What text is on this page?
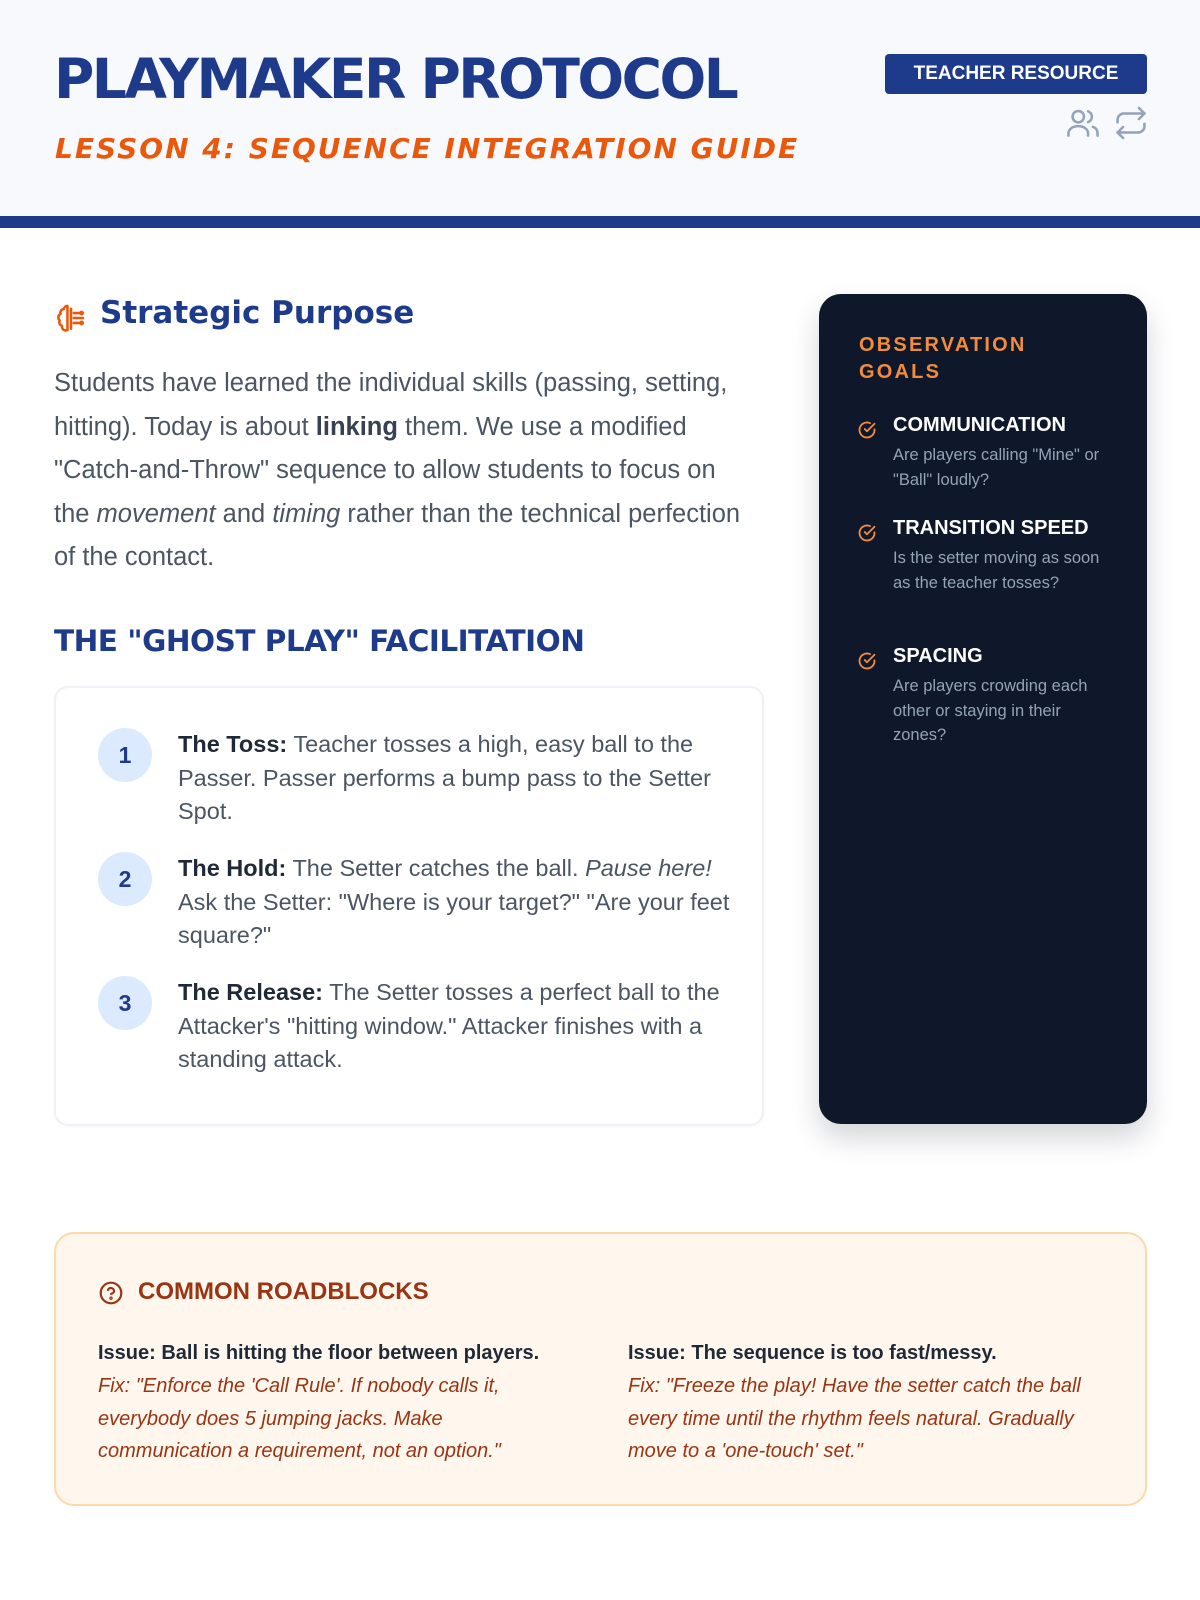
PLAYMAKER PROTOCOL
LESSON 4: SEQUENCE INTEGRATION GUIDE
TEACHER RESOURCE
Strategic Purpose

Students have learned the individual skills (passing, setting, hitting). Today is about linking them. We use a modified "Catch-and-Throw" sequence to allow students to focus on the movement and timing rather than the technical perfection of the contact.

THE "GHOST PLAY" FACILITATION
1	The Toss: Teacher tosses a high, easy ball to the Passer. Passer performs a bump pass to the Setter Spot.

2	The Hold: The Setter catches the ball. Pause here! Ask the Setter: "Where is your target?" "Are your feet square?"

3	The Release: The Setter tosses a perfect ball to the Attacker's "hitting window." Attacker finishes with a standing attack.

OBSERVATION GOALS
COMMUNICATION
Are players calling "Mine" or "Ball" loudly?
TRANSITION SPEED
Is the setter moving as soon as the teacher tosses?
SPACING
Are players crowding each other or staying in their zones?
COMMON ROADBLOCKS
Issue: Ball is hitting the floor between players.
Fix: "Enforce the 'Call Rule'. If nobody calls it, everybody does 5 jumping jacks. Make communication a requirement, not an option."
Issue: The sequence is too fast/messy.
Fix: "Freeze the play! Have the setter catch the ball every time until the rhythm feels natural. Gradually move to a 'one-touch' set."
